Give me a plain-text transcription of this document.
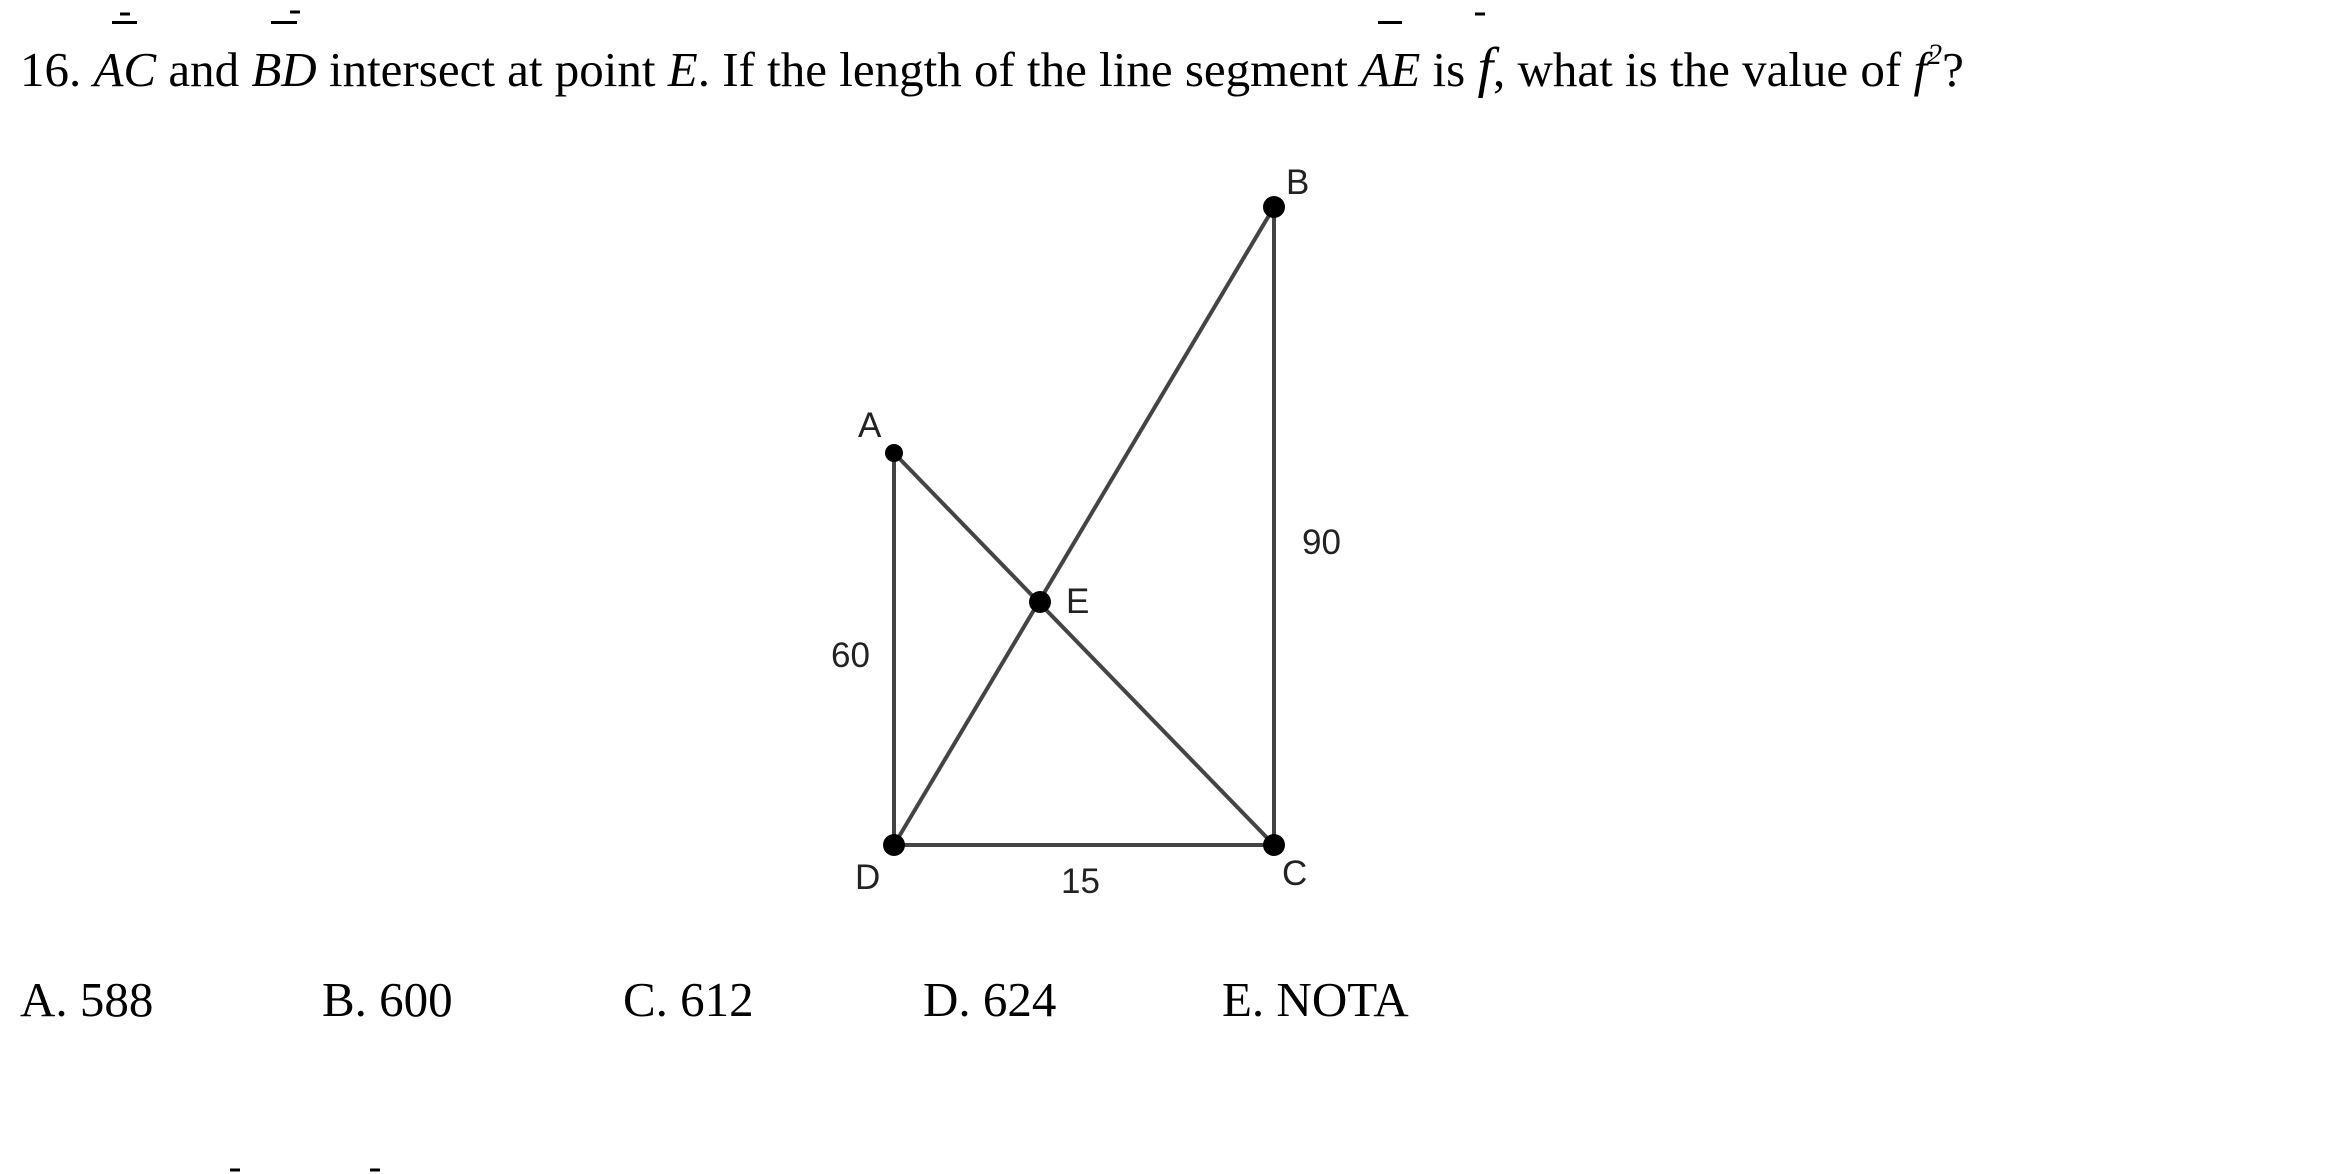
16. AC and BD intersect at point E. If the length of the line segment AE is f, what is the value of $f^2$?
A
B
C
D
E
60
90
15
A. 588	B. 600	C. 612	D. 624	E. NOTA
